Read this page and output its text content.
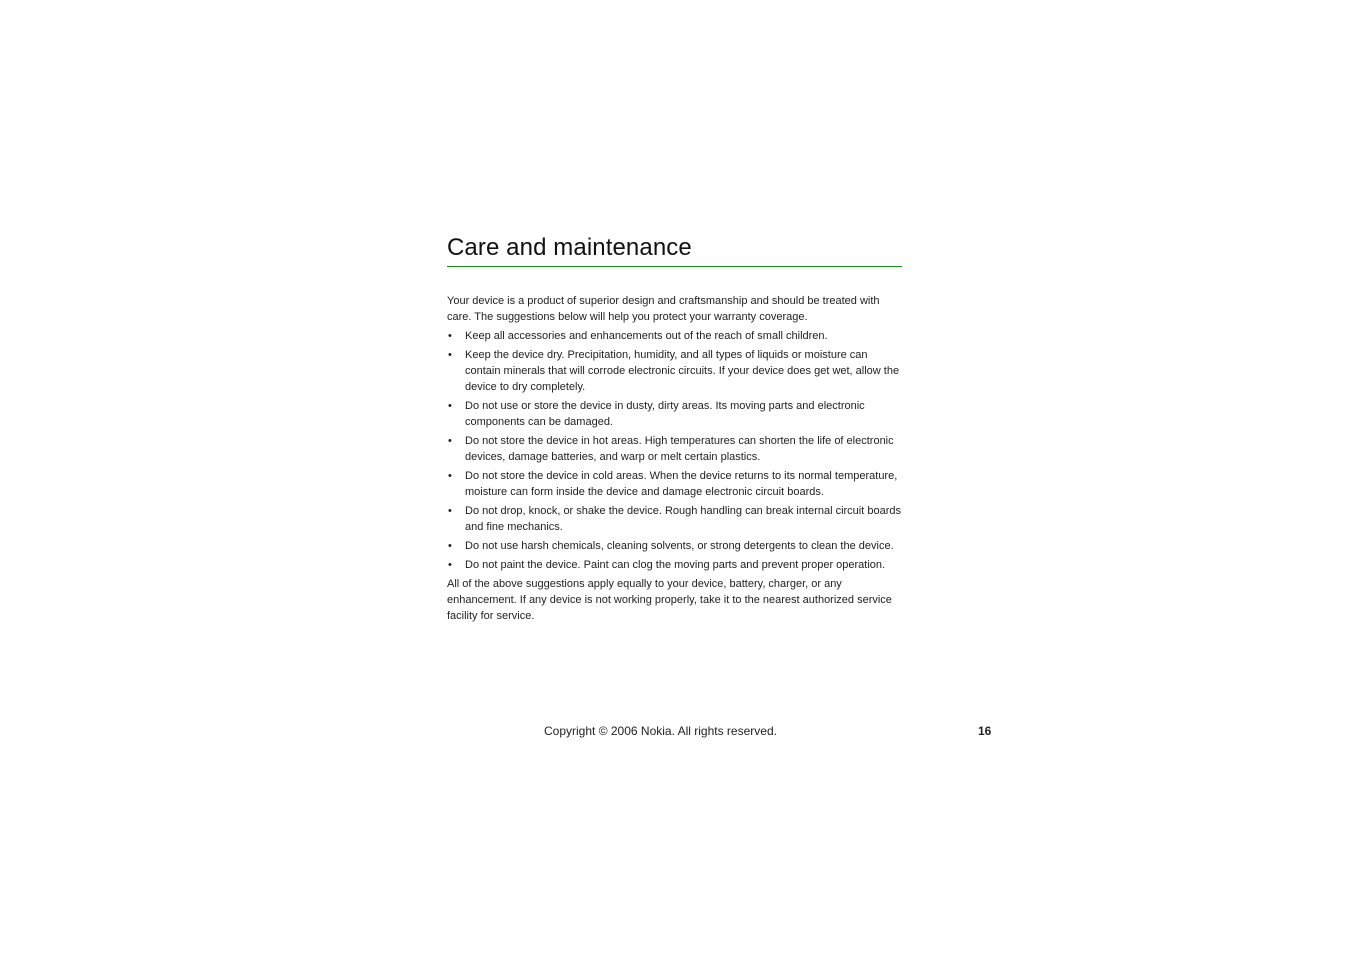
Care and maintenance

Your device is a product of superior design and craftsmanship and should be treated with care. The suggestions below will help you protect your warranty coverage.

• Keep all accessories and enhancements out of the reach of small children.
• Keep the device dry. Precipitation, humidity, and all types of liquids or moisture can contain minerals that will corrode electronic circuits. If your device does get wet, allow the device to dry completely.
• Do not use or store the device in dusty, dirty areas. Its moving parts and electronic components can be damaged.
• Do not store the device in hot areas. High temperatures can shorten the life of electronic devices, damage batteries, and warp or melt certain plastics.
• Do not store the device in cold areas. When the device returns to its normal temperature, moisture can form inside the device and damage electronic circuit boards.
• Do not drop, knock, or shake the device. Rough handling can break internal circuit boards and fine mechanics.
• Do not use harsh chemicals, cleaning solvents, or strong detergents to clean the device.
• Do not paint the device. Paint can clog the moving parts and prevent proper operation.

All of the above suggestions apply equally to your device, battery, charger, or any enhancement. If any device is not working properly, take it to the nearest authorized service facility for service.

Copyright © 2006 Nokia. All rights reserved.	16
